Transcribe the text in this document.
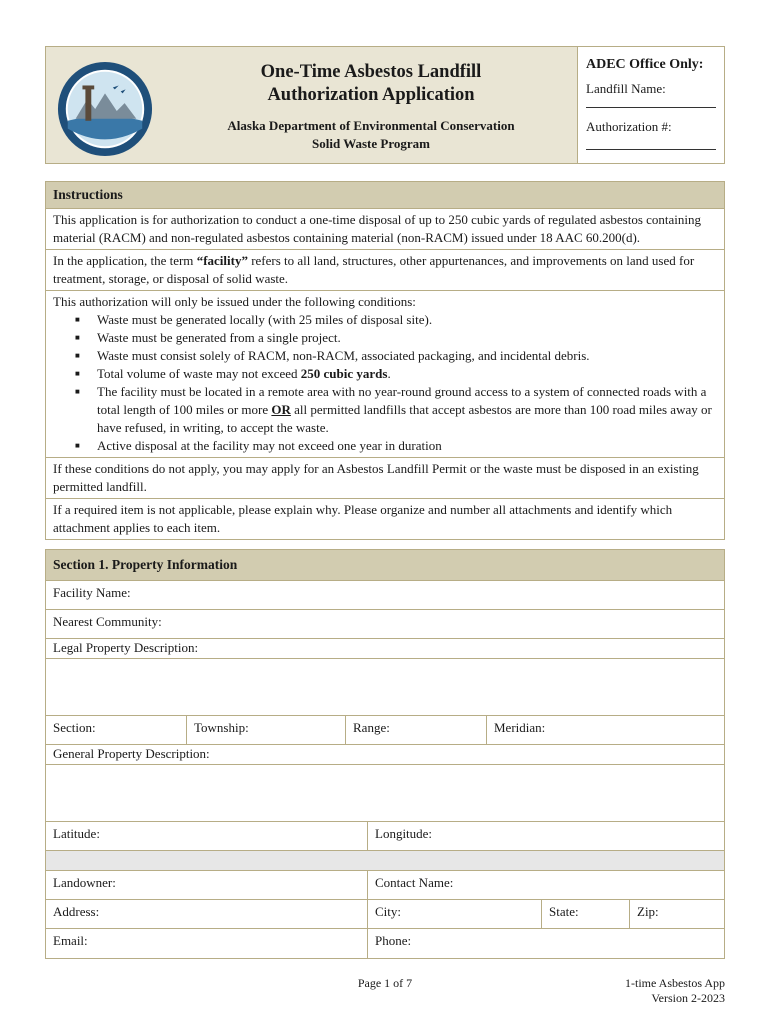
One-Time Asbestos Landfill
Authorization Application
Alaska Department of Environmental Conservation
Solid Waste Program
ADEC Office Only:
Landfill Name:
Authorization #:
Instructions
This application is for authorization to conduct a one-time disposal of up to 250 cubic yards of regulated asbestos containing material (RACM) and non-regulated asbestos containing material (non-RACM) issued under 18 AAC 60.200(d).
In the application, the term “facility” refers to all land, structures, other appurtenances, and improvements on land used for treatment, storage, or disposal of solid waste.
This authorization will only be issued under the following conditions:
■ Waste must be generated locally (with 25 miles of disposal site).
■ Waste must be generated from a single project.
■ Waste must consist solely of RACM, non-RACM, associated packaging, and incidental debris.
■ Total volume of waste may not exceed 250 cubic yards.
■ The facility must be located in a remote area with no year-round ground access to a system of connected roads with a total length of 100 miles or more OR all permitted landfills that accept asbestos are more than 100 road miles away or have refused, in writing, to accept the waste.
■ Active disposal at the facility may not exceed one year in duration
If these conditions do not apply, you may apply for an Asbestos Landfill Permit or the waste must be disposed in an existing permitted landfill.
If a required item is not applicable, please explain why. Please organize and number all attachments and identify which attachment applies to each item.
Section 1. Property Information
Facility Name:
Nearest Community:
Legal Property Description:
Section:	Township:	Range:	Meridian:
General Property Description:
Latitude:	Longitude:
Landowner:	Contact Name:
Address:	City:	State:	Zip:
Email:	Phone:
Page 1 of 7	1-time Asbestos App
Version 2-2023
